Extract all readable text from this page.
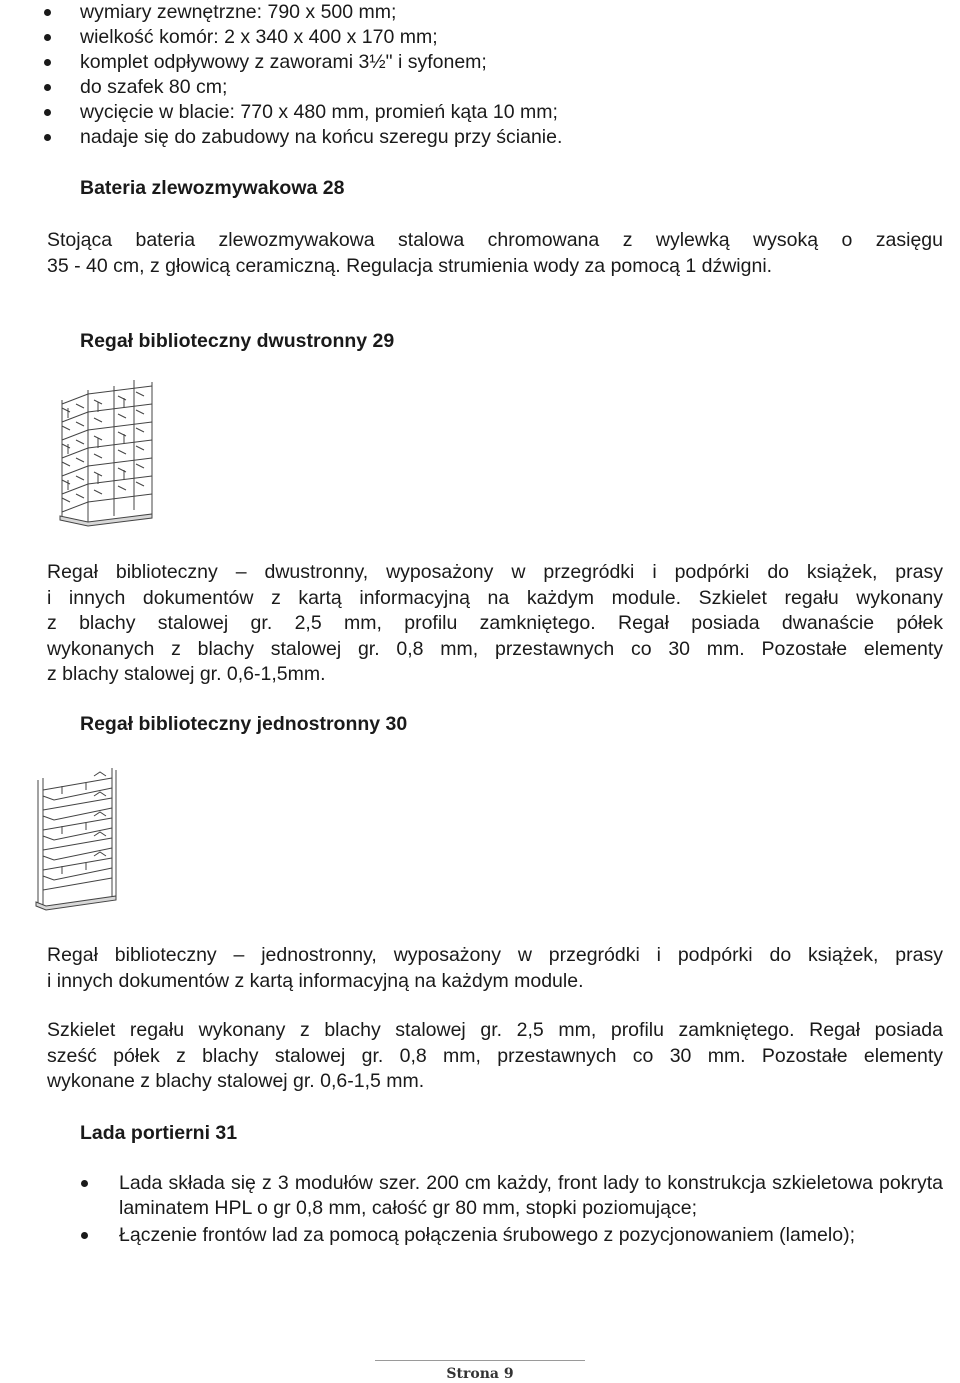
wymiary zewnętrzne: 790 x 500 mm;
wielkość komór: 2 x 340 x 400 x 170 mm;
komplet odpływowy z zaworami 3½" i syfonem;
do szafek 80 cm;
wycięcie w blacie: 770 x 480 mm, promień kąta 10 mm;
nadaje się do zabudowy na końcu szeregu przy ścianie.
Bateria zlewozmywakowa 28
Stojąca bateria zlewozmywakowa stalowa chromowana z wylewką wysoką o zasięgu
35 - 40 cm, z głowicą ceramiczną. Regulacja strumienia wody za pomocą 1 dźwigni.
Regał biblioteczny dwustronny 29
Regał biblioteczny – dwustronny, wyposażony w przegródki i podpórki do książek, prasy
i innych dokumentów z kartą informacyjną na każdym module. Szkielet regału wykonany
z blachy stalowej gr. 2,5 mm, profilu zamkniętego. Regał posiada dwanaście półek
wykonanych z blachy stalowej gr. 0,8 mm, przestawnych co 30 mm. Pozostałe elementy
z blachy stalowej gr. 0,6-1,5mm.
Regał biblioteczny jednostronny 30
Regał biblioteczny – jednostronny, wyposażony w przegródki i podpórki do książek, prasy
i innych dokumentów z kartą informacyjną na każdym module.
Szkielet regału wykonany z blachy stalowej gr. 2,5 mm, profilu zamkniętego. Regał posiada
sześć półek z blachy stalowej gr. 0,8 mm, przestawnych co 30 mm. Pozostałe elementy
wykonane z blachy stalowej gr. 0,6-1,5 mm.
Lada portierni 31
Lada składa się z 3 modułów szer. 200 cm każdy, front lady to konstrukcja szkieletowa pokryta laminatem HPL o gr 0,8 mm, całość gr 80 mm, stopki poziomujące;
Łączenie frontów lad za pomocą połączenia śrubowego z pozycjonowaniem (lamelo);
Strona 9
